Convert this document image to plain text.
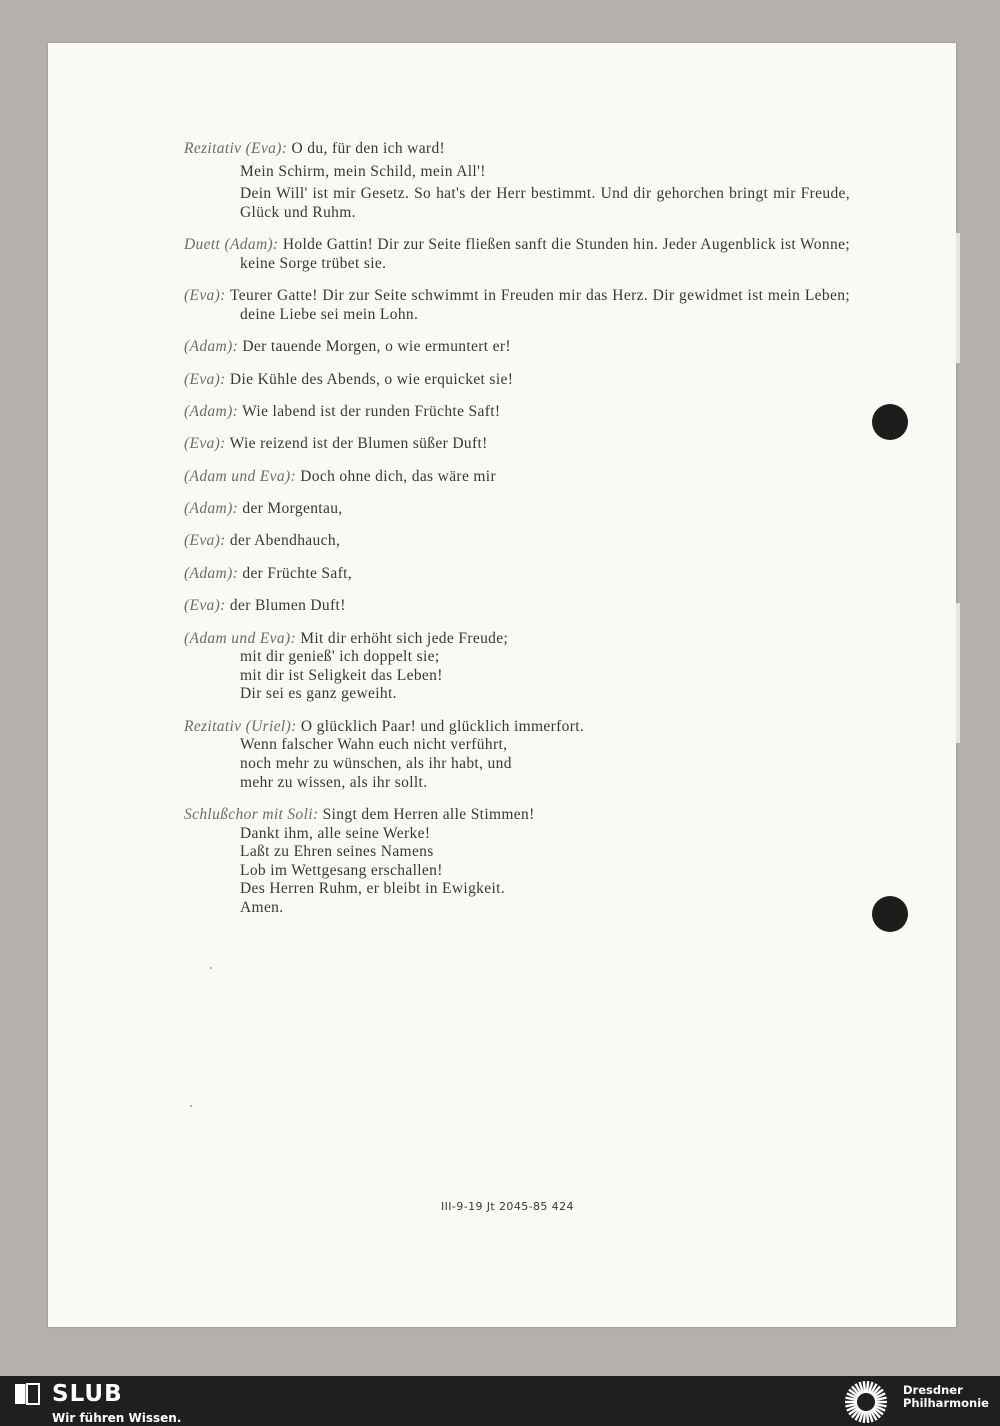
Rezitativ (Eva): O du, für den ich ward!
Mein Schirm, mein Schild, mein All'!
Dein Will' ist mir Gesetz. So hat's der Herr bestimmt. Und dir gehorchen bringt mir Freude, Glück und Ruhm.
Duett (Adam): Holde Gattin! Dir zur Seite fließen sanft die Stunden hin. Jeder Augenblick ist Wonne; keine Sorge trübet sie.
(Eva): Teurer Gatte! Dir zur Seite schwimmt in Freuden mir das Herz. Dir gewidmet ist mein Leben; deine Liebe sei mein Lohn.
(Adam): Der tauende Morgen, o wie ermuntert er!
(Eva): Die Kühle des Abends, o wie erquicket sie!
(Adam): Wie labend ist der runden Früchte Saft!
(Eva): Wie reizend ist der Blumen süßer Duft!
(Adam und Eva): Doch ohne dich, das wäre mir
(Adam): der Morgentau,
(Eva): der Abendhauch,
(Adam): der Früchte Saft,
(Eva): der Blumen Duft!
(Adam und Eva): Mit dir erhöht sich jede Freude;
mit dir genieß' ich doppelt sie;
mit dir ist Seligkeit das Leben!
Dir sei es ganz geweiht.
Rezitativ (Uriel): O glücklich Paar! und glücklich immerfort.
Wenn falscher Wahn euch nicht verführt,
noch mehr zu wünschen, als ihr habt, und
mehr zu wissen, als ihr sollt.
Schlußchor mit Soli: Singt dem Herren alle Stimmen!
Dankt ihm, alle seine Werke!
Laßt zu Ehren seines Namens
Lob im Wettgesang erschallen!
Des Herren Ruhm, er bleibt in Ewigkeit.
Amen.
III-9-19 Jt 2045-85 424
SLUB
Wir führen Wissen.
Dresdner
Philharmonie
